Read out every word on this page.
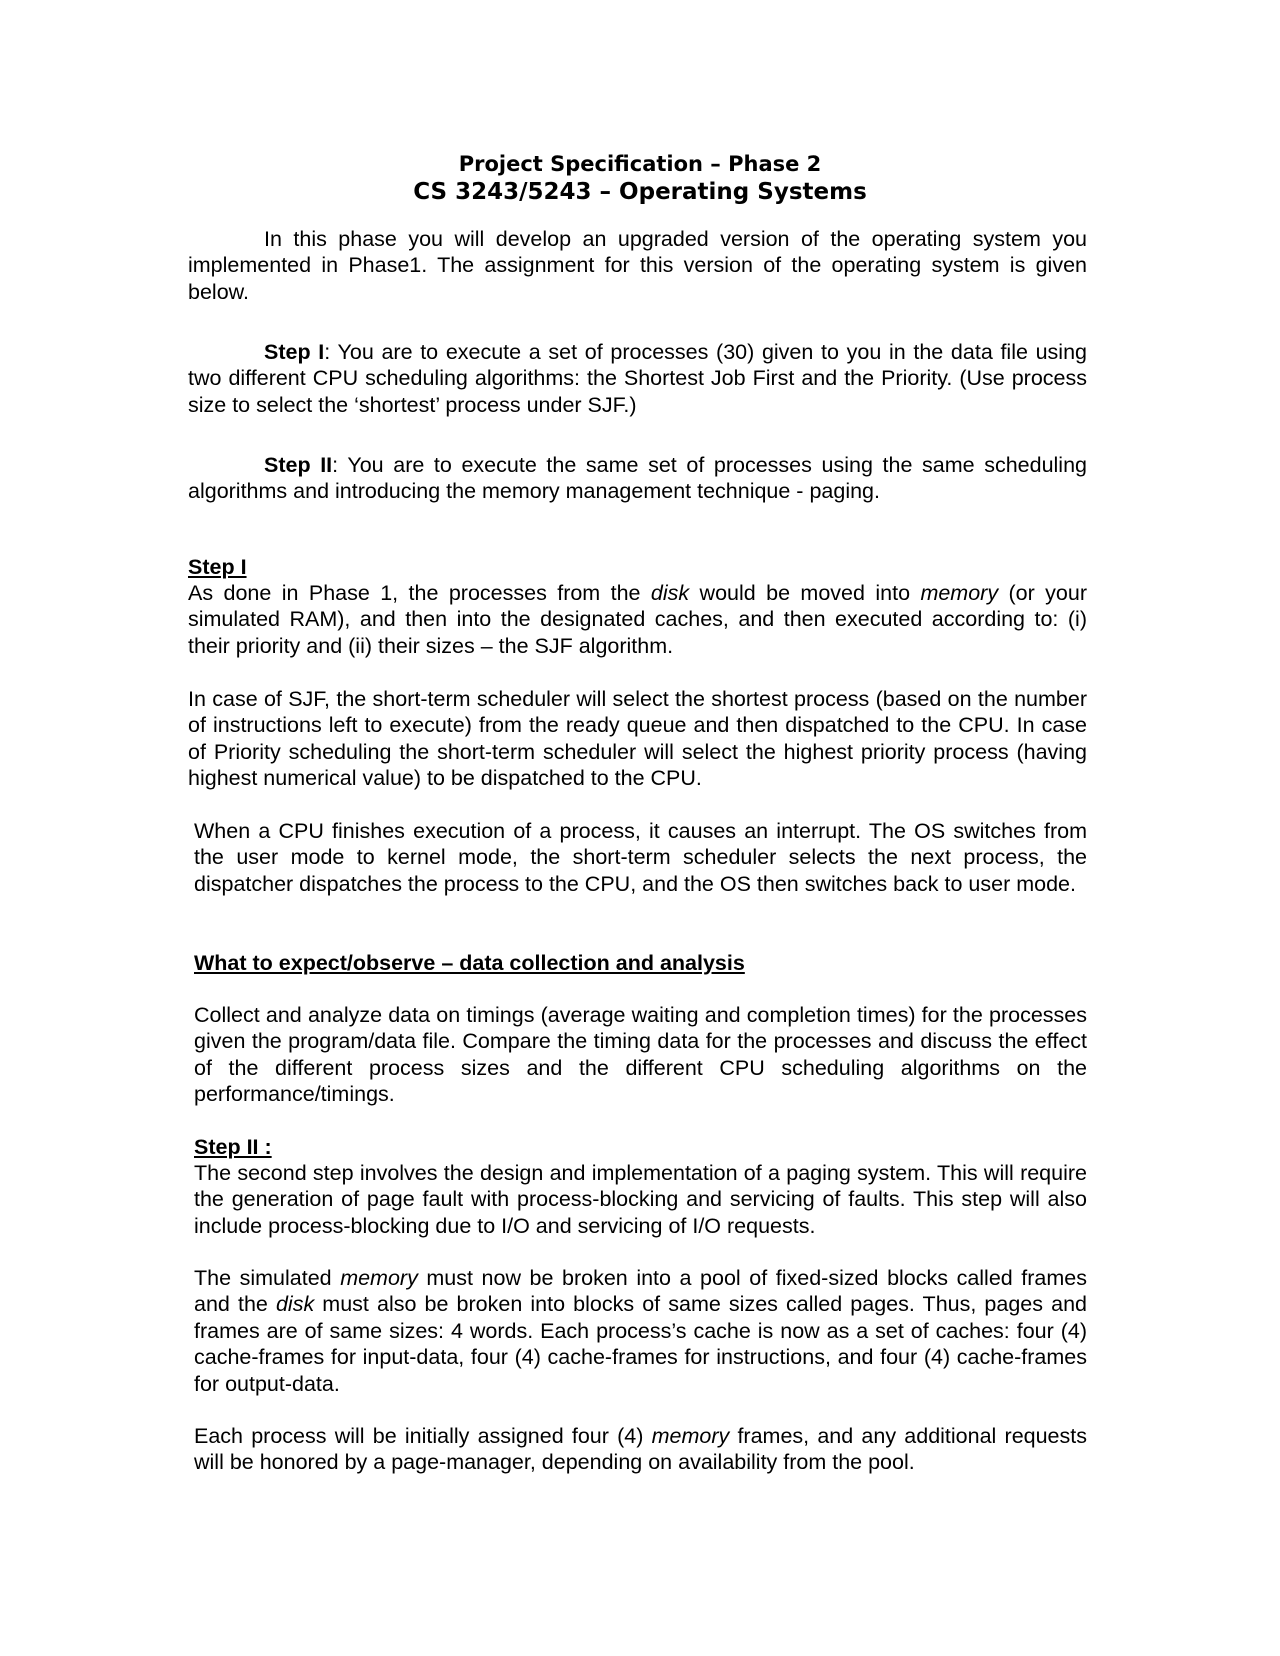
Project Specification – Phase 2
CS 3243/5243 – Operating Systems

In this phase you will develop an upgraded version of the operating system you implemented in Phase1. The assignment for this version of the operating system is given below.

Step I: You are to execute a set of processes (30) given to you in the data file using two different CPU scheduling algorithms: the Shortest Job First and the Priority. (Use process size to select the ‘shortest’ process under SJF.)

Step II: You are to execute the same set of processes using the same scheduling algorithms and introducing the memory management technique - paging.

Step I

As done in Phase 1, the processes from the disk would be moved into memory (or your simulated RAM), and then into the designated caches, and then executed according to: (i) their priority and (ii) their sizes – the SJF algorithm.

In case of SJF, the short-term scheduler will select the shortest process (based on the number of instructions left to execute) from the ready queue and then dispatched to the CPU. In case of Priority scheduling the short-term scheduler will select the highest priority process (having highest numerical value) to be dispatched to the CPU.

When a CPU finishes execution of a process, it causes an interrupt. The OS switches from the user mode to kernel mode, the short-term scheduler selects the next process, the dispatcher dispatches the process to the CPU, and the OS then switches back to user mode.

What to expect/observe – data collection and analysis

Collect and analyze data on timings (average waiting and completion times) for the processes given the program/data file. Compare the timing data for the processes and discuss the effect of the different process sizes and the different CPU scheduling algorithms on the performance/timings.

Step II :

The second step involves the design and implementation of a paging system. This will require the generation of page fault with process-blocking and servicing of faults. This step will also include process-blocking due to I/O and servicing of I/O requests.

The simulated memory must now be broken into a pool of fixed-sized blocks called frames and the disk must also be broken into blocks of same sizes called pages. Thus, pages and frames are of same sizes: 4 words. Each process’s cache is now as a set of caches: four (4) cache-frames for input-data, four (4) cache-frames for instructions, and four (4) cache-frames for output-data.

Each process will be initially assigned four (4) memory frames, and any additional requests will be honored by a page-manager, depending on availability from the pool.
